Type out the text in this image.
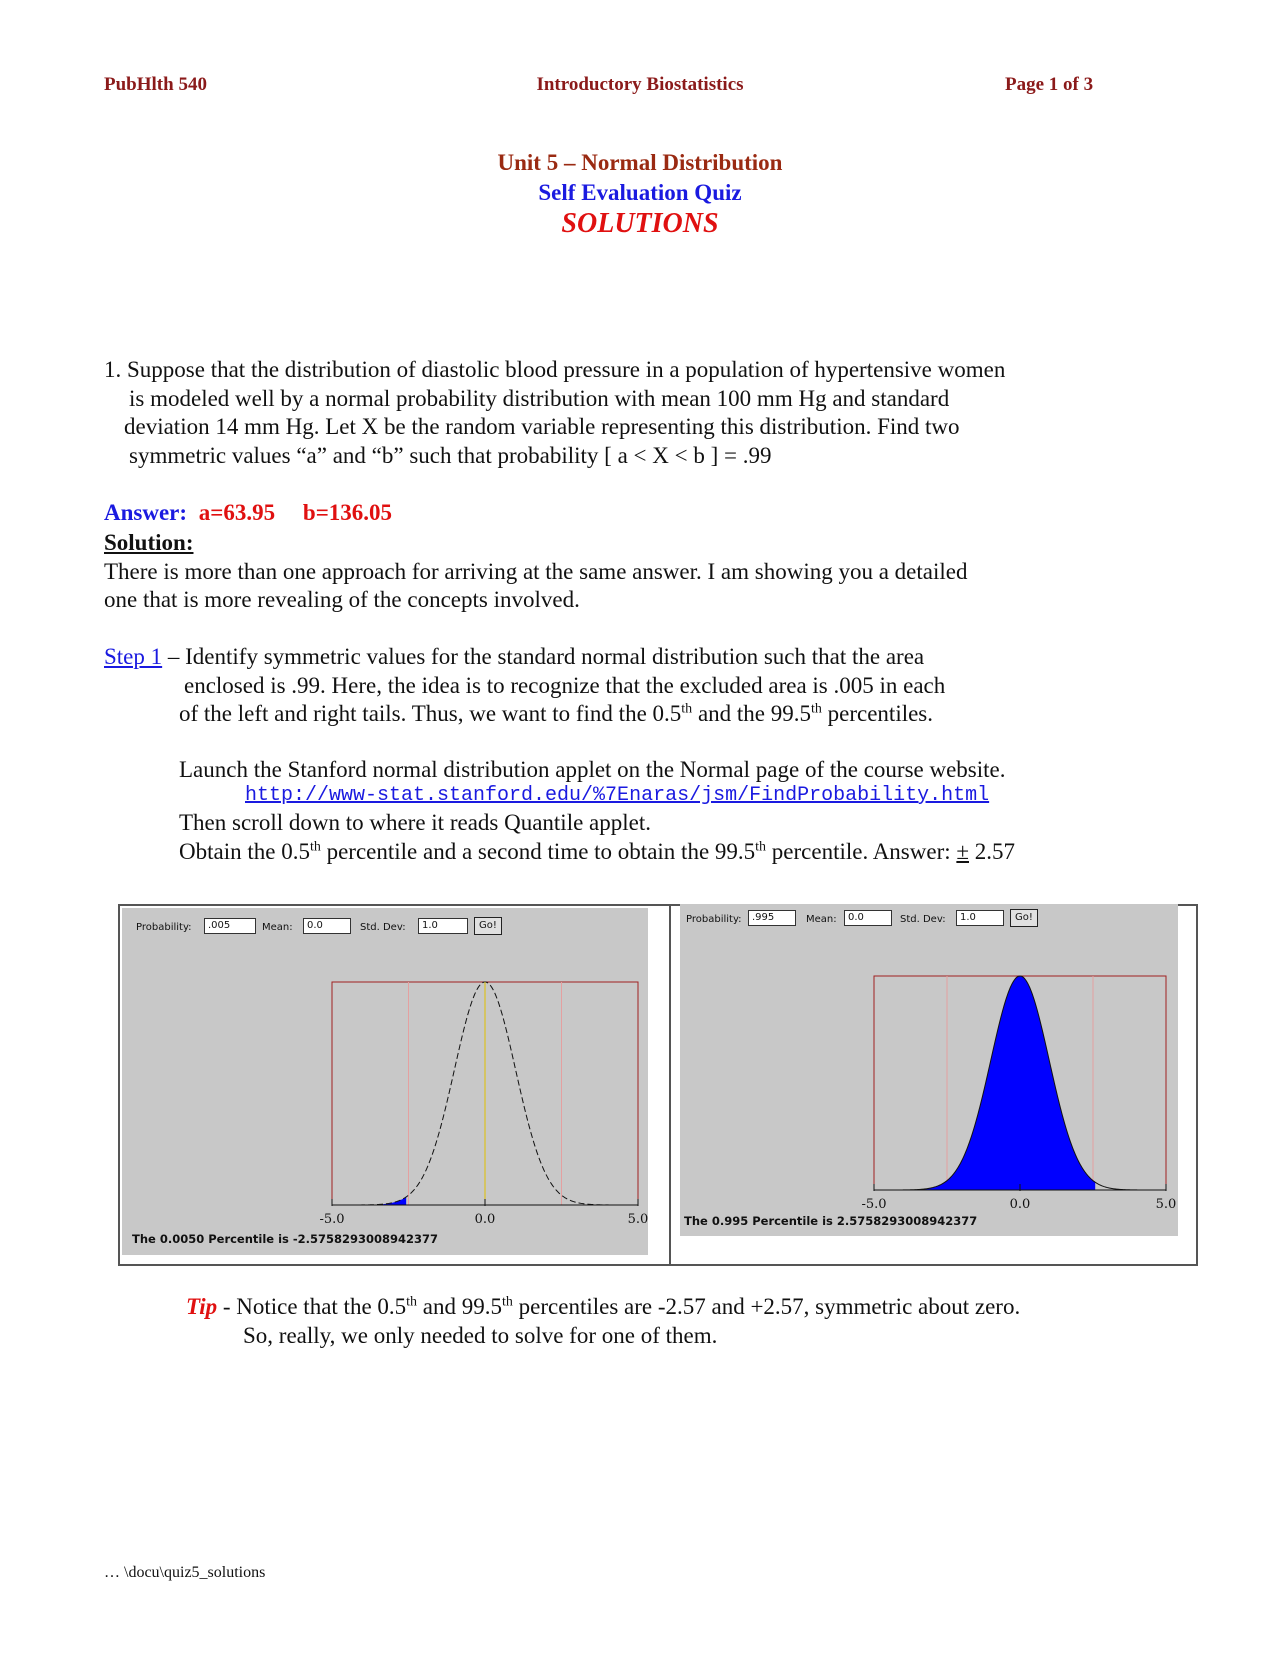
PubHlth 540	Introductory Biostatistics	Page 1 of 3
Unit 5 – Normal Distribution
Self Evaluation Quiz
SOLUTIONS
1. Suppose that the distribution of diastolic blood pressure in a population of hypertensive women
is modeled well by a normal probability distribution with mean 100 mm Hg and standard
deviation 14 mm Hg. Let X be the random variable representing this distribution. Find two
symmetric values “a” and “b” such that probability [ a < X < b ] = .99
Answer: a=63.95 b=136.05
Solution:
There is more than one approach for arriving at the same answer. I am showing you a detailed
one that is more revealing of the concepts involved.
Step 1 – Identify symmetric values for the standard normal distribution such that the area
enclosed is .99. Here, the idea is to recognize that the excluded area is .005 in each
of the left and right tails. Thus, we want to find the 0.5th and the 99.5th percentiles.
Launch the Stanford normal distribution applet on the Normal page of the course website.
http://www-stat.stanford.edu/%7Enaras/jsm/FindProbability.html
Then scroll down to where it reads Quantile applet.
Obtain the 0.5th percentile and a second time to obtain the 99.5th percentile. Answer: ± 2.57
Probability:	.005	Mean:	0.0	Std. Dev:	1.0	Go!
-5.0	0.0	5.0
The 0.0050 Percentile is -2.5758293008942377
Probability:	.995	Mean:	0.0	Std. Dev:	1.0	Go!
-5.0	0.0	5.0
The 0.995 Percentile is 2.5758293008942377
Tip - Notice that the 0.5th and 99.5th percentiles are -2.57 and +2.57, symmetric about zero.
So, really, we only needed to solve for one of them.
… \docu\quiz5_solutions
